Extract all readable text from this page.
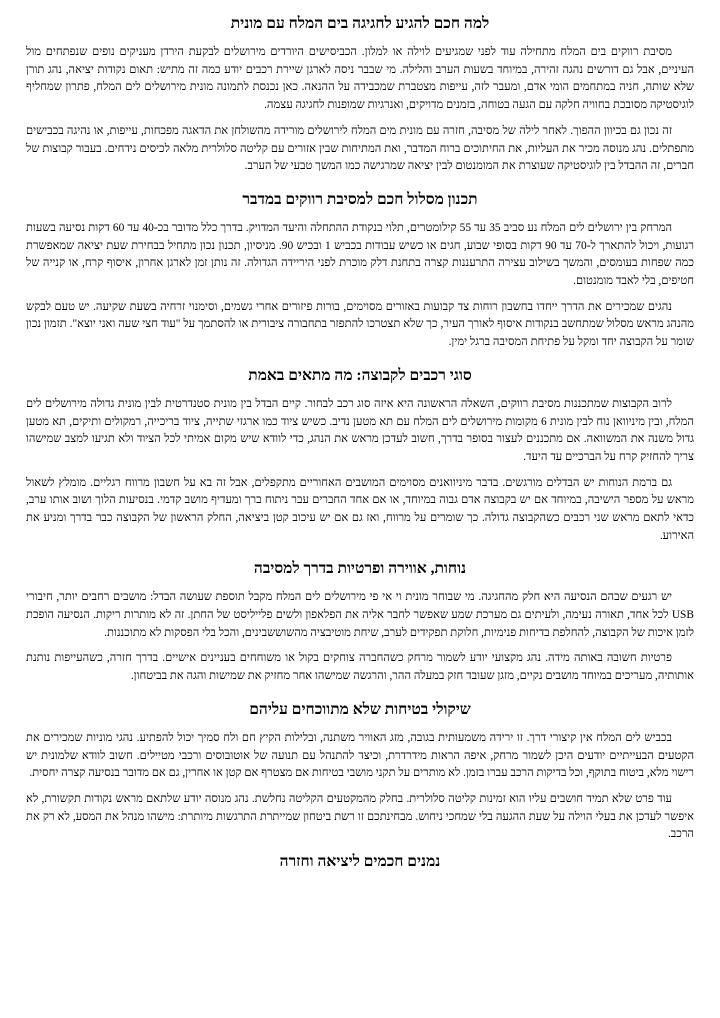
למה חכם להגיע לחגיגה בים המלח עם מונית

מסיבת רווקים בים המלח מתחילה עוד לפני שמגיעים לוילה או למלון. הכביסישים היורדים מירושלים לבקעת הירדן מעניקים נופים שנפתחים מול העיניים, אבל גם דורשים נהגה זהירה, במיוחד בשעות הערב והלילה. מי שבבר ניסה לארגן שיירת רכבים יודע כמה זה מתיש: תאום נקודות יציאה, נהג תורן שלא שותה, חניה במתחמים הומי אדם, ומעבר לזה, עייפות מצטברת שמכבידה על ההנאה. כאן נכנסת לתמונה מונית מירושלים לים המלח, פתרון שמחליף לוגיסטיקה מסובכת בחוויה חלקה עם הגעה בטוחה, בזמנים מדויקים, ואנרגיות שמופנות לחגיגה עצמה.

זה נכון גם בכיוון ההפוך. לאחר לילה של מסיבה, חזרה עם מונית מים המלח לירושלים מורידה מהשולחן את הדאגה מפכחות, עייפות, או נהיגה בכבישים מתפתלים. נהג מנוסה מכיר את העליות, את החיתוכים ברוח המדבר, ואת המתיחות שבין אזורים עם קליטה סלולרית מלאה לכיסים נידחים. בעבור קבוצות של חברים, זה ההבדל בין לוגיסטיקה שעוצרת את המומנטום לבין יציאה שמרגישה כמו המשך טבעי של הערב.

תכנון מסלול חכם למסיבת רווקים במדבר

המרחק בין ירושלים לים המלח נע סביב 35 עד 55 קילומטרים, תלוי בנקודת ההתחלה והיעד המדויק. בדרך כלל מדובר בכ-40 עד 60 דקות נסיעה בשעות רגועות, ויכול להתארך ל-70 עד 90 דקות בסופי שבוע, חגים או כשיש עבודות בכביש 1 ובכיש 90. מניסיון, תכנון נכון מתחיל בבחירת שעת יציאה שמאפשרת כמה שפחות בעומסים, והמשך בשילוב עצירה התרעננות קצרה בתחנת דלק מוכרת לפני היריידה הגדולה. זה נותן זמן לארגן אחרון, איסוף קרח, או קנייה של חטיפים, בלי לאבד מומנטום.

נהגים שמכירים את הדרך ייחדו בחשבון רוחות צד קבועות באזורים מסוימים, בורות פיזורים אחרי גשמים, וסימנוי זרחיה בשעת שקיעה. יש טעם לבקש מהנהג מראש מסלול שמתחשב בנקודות איסוף לאורך העיר, כך שלא תצטרכו להתפזר בתחבורה ציבורית או להסתמך על "עוד חצי שעה ואני יוצא". תזמון נכון שומר על הקבוצה יחד ומקל על פתיחת המסיבה ברגל ימין.

סוגי רכבים לקבוצה: מה מתאים באמת

לרוב הקבוצות שמתכננות מסיבת רווקים, השאלה הראשונה היא איזה סוג רכב לבחור. קיים הבדל בין מונית סטנדרטית לבין מונית גדולה מירושלים לים המלח, ובין מיניוואן נוח לבין מונית 6 מקומות מירושלים לים המלח עם תא מטען נדיב. כשיש ציוד כמו ארגזי שתייה, ציוד בריכייה, רמקולים ותיקים, תא מטען גדול משנה את המשוואה. אם מתכננים לעצור בסופר בדרך, חשוב לעדכן מראש את הנהג, כדי לוודא שיש מקום אמיתי לכל הציוד ולא תגיעו למצב שמישהו צריך להחזיק קרח על הברכיים עד היעד.

גם ברמת הנוחות יש הבדלים מורגשים. בדבר מיניוואנים מסוימים המושבים האחוריים מתקפלים, אבל זה בא על חשבון מרווח רגליים. מומלץ לשאול מראש על מספר הישיבה, במיוחד אם יש בקבוצה אדם גבוה במיוחד, או אם אחד החברים עבר ניתוח ברך ומעדיף מושב קדמי. בנסיעות הלוך ושוב אותו ערב, כדאי לתאם מראש שני רכבים כשהקבוצה גדולה. כך שומרים על מרווח, ואז גם אם יש עיכוב קטן ביציאה, החלק הראשון של הקבוצה כבר בדרך ומניע את האירוע.

נוחות, אווירה ופרטיות בדרך למסיבה

יש רגעים שבהם הנסיעה היא חלק מהחגיגה. מי שבוחר מונית וי אי פי מירושלים לים המלח מקבל תוספת שעושה הבדל: מושבים רחבים יותר, חיבורי USB לכל אחד, תאורה נעימה, ולעיתים גם מערכת שמע שאפשר לחבר אליה את הפלאפון ולשים פלייליסט של החתן. זה לא מותרות ריקות. הנסיעה הופכת לזמן איכות של הקבוצה, להחלפת בדיחות פנימיות, חלוקת תפקידים לערב, שיחת מוטיבציה מהשוששבינים, והכל בלי הפסקות לא מתוכננות.

פרטיות חשובה באותה מידה. נהג מקצועי יודע לשמור מרחק כשהחברה צוחקים בקול או משוחחים בעניינים אישיים. בדרך חזרה, כשהעייפות נותנת אותותיה, מעריכים במיוחד מושבים נקיים, מזגן שעובד חזק במעלה ההר, והרגשה שמישהו אחר מחזיק את שמישות והגה את בביטחון.

שיקולי בטיחות שלא מתווכחים עליהם

בכביש לים המלח אין קיצורי דרך. זו ירידה משמעותית בגובה, מזג האוויר משתנה, ובלילות הקיץ חם ולח סמיך יכול להפתיע. נהגי מוניות שמכירים את הקטעים הבעייתיים יודעים היכן לשמור מרחק, איפה הראות מידרדרת, וכיצד להתנהל עם תנועה של אוטובוסים ורכבי מטיילים. חשוב לוודא שלמונית יש רישוי מלא, ביטוח בתוקף, וכל בדיקות הרכב עברו בזמן. לא מותרים על תקני מושבי בטיחות אם מצטרף אם קטן או אחרין, גם אם מדובר בנסיעה קצרה יחסית.

עוד פרט שלא תמיד חושבים עליו הוא זמינות קליטה סלולרית. בחלק מהמקטעים הקליטה נחלשת. נהג מנוסה יודע שלתאם מראש נקודות תקשורת, לא איפשר לעדכן את בעלי הוילה על שעת ההגעה בלי שמחכי ניחוש. מבחינתכם זו רשת ביטחון שמייתרת התרגשות מיותרת: מישהו מנהל את המסע, לא רק את הרכב.

נמנים חכמים ליציאה וחזרה
